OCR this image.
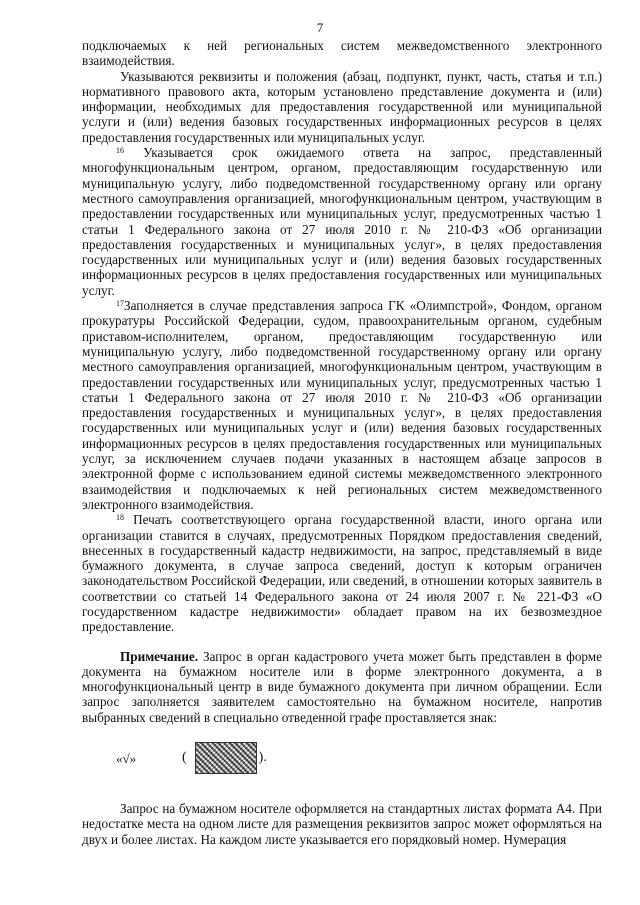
7

подключаемых к ней региональных систем межведомственного электронного взаимодействия.

Указываются реквизиты и положения (абзац, подпункт, пункт, часть, статья и т.п.) нормативного правового акта, которым установлено представление документа и (или) информации, необходимых для предоставления государственной или муниципальной услуги и (или) ведения базовых государственных информационных ресурсов в целях предоставления государственных или муниципальных услуг.

$^{16}$ Указывается срок ожидаемого ответа на запрос, представленный многофункциональным центром, органом, предоставляющим государственную или муниципальную услугу, либо подведомственной государственному органу или органу местного самоуправления организацией, многофункциональным центром, участвующим в предоставлении государственных или муниципальных услуг, предусмотренных частью 1 статьи 1 Федерального закона от 27 июля 2010 г. № 210-ФЗ «Об организации предоставления государственных и муниципальных услуг», в целях предоставления государственных или муниципальных услуг и (или) ведения базовых государственных информационных ресурсов в целях предоставления государственных или муниципальных услуг.

$^{17}$Заполняется в случае представления запроса ГК «Олимпстрой», Фондом, органом прокуратуры Российской Федерации, судом, правоохранительным органом, судебным приставом-исполнителем, органом, предоставляющим государственную или муниципальную услугу, либо подведомственной государственному органу или органу местного самоуправления организацией, многофункциональным центром, участвующим в предоставлении государственных или муниципальных услуг, предусмотренных частью 1 статьи 1 Федерального закона от 27 июля 2010 г. № 210-ФЗ «Об организации предоставления государственных и муниципальных услуг», в целях предоставления государственных или муниципальных услуг и (или) ведения базовых государственных информационных ресурсов в целях предоставления государственных или муниципальных услуг, за исключением случаев подачи указанных в настоящем абзаце запросов в электронной форме с использованием единой системы межведомственного электронного взаимодействия и подключаемых к ней региональных систем межведомственного электронного взаимодействия.

$^{18}$ Печать соответствующего органа государственной власти, иного органа или организации ставится в случаях, предусмотренных Порядком предоставления сведений, внесенных в государственный кадастр недвижимости, на запрос, представляемый в виде бумажного документа, в случае запроса сведений, доступ к которым ограничен законодательством Российской Федерации, или сведений, в отношении которых заявитель в соответствии со статьей 14 Федерального закона от 24 июля 2007 г. № 221-ФЗ «О государственном кадастре недвижимости» обладает правом на их безвозмездное предоставление.

Примечание. Запрос в орган кадастрового учета может быть представлен в форме документа на бумажном носителе или в форме электронного документа, а в многофункциональный центр в виде бумажного документа при личном обращении. Если запрос заполняется заявителем самостоятельно на бумажном носителе, напротив выбранных сведений в специально отведенной графе проставляется знак:

«√»	(	).

Запрос на бумажном носителе оформляется на стандартных листах формата А4. При недостатке места на одном листе для размещения реквизитов запрос может оформляться на двух и более листах. На каждом листе указывается его порядковый номер. Нумерация
